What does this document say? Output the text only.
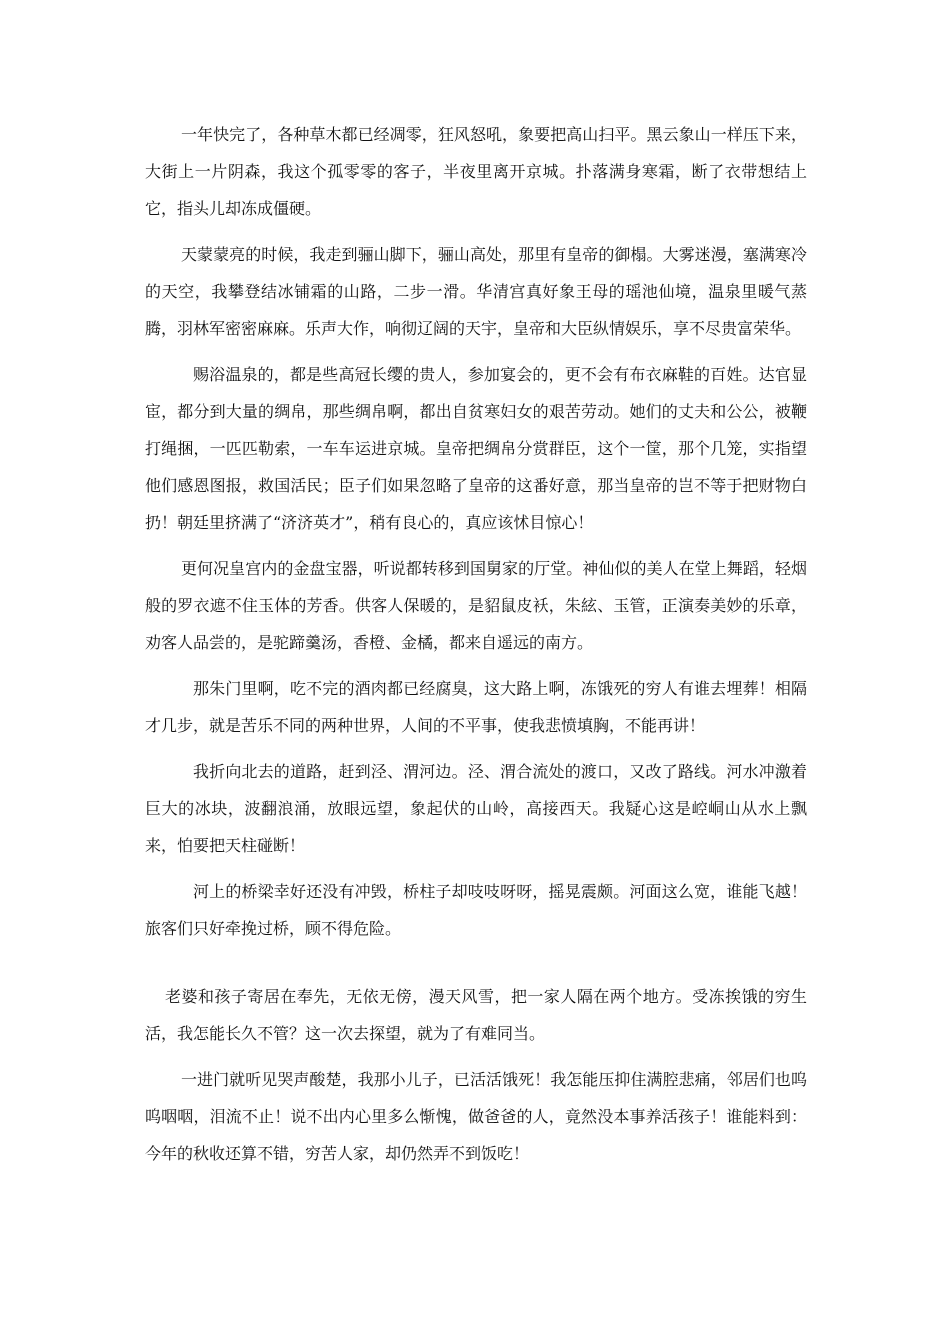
一年快完了，各种草木都已经凋零，狂风怒吼，象要把高山扫平。黑云象山一样压下来，大街上一片阴森，我这个孤零零的客子，半夜里离开京城。扑落满身寒霜，断了衣带想结上它，指头儿却冻成僵硬。

天蒙蒙亮的时候，我走到骊山脚下，骊山高处，那里有皇帝的御榻。大雾迷漫，塞满寒冷的天空，我攀登结冰铺霜的山路，二步一滑。华清宫真好象王母的瑶池仙境，温泉里暖气蒸腾，羽林军密密麻麻。乐声大作，响彻辽阔的天宇，皇帝和大臣纵情娱乐，享不尽贵富荣华。

赐浴温泉的，都是些高冠长缨的贵人，参加宴会的，更不会有布衣麻鞋的百姓。达官显宦，都分到大量的绸帛，那些绸帛啊，都出自贫寒妇女的艰苦劳动。她们的丈夫和公公，被鞭打绳捆，一匹匹勒索，一车车运进京城。皇帝把绸帛分赏群臣，这个一筐，那个几笼，实指望他们感恩图报，救国活民；臣子们如果忽略了皇帝的这番好意，那当皇帝的岂不等于把财物白扔！朝廷里挤满了“济济英才”，稍有良心的，真应该怵目惊心！

更何况皇宫内的金盘宝器，听说都转移到国舅家的厅堂。神仙似的美人在堂上舞蹈，轻烟般的罗衣遮不住玉体的芳香。供客人保暖的，是貂鼠皮袄，朱絃、玉管，正演奏美妙的乐章，劝客人品尝的，是驼蹄羹汤，香橙、金橘，都来自遥远的南方。

那朱门里啊，吃不完的酒肉都已经腐臭，这大路上啊，冻饿死的穷人有谁去埋葬！相隔才几步，就是苦乐不同的两种世界，人间的不平事，使我悲愤填胸，不能再讲！

我折向北去的道路，赶到泾、渭河边。泾、渭合流处的渡口，又改了路线。河水冲激着巨大的冰块，波翻浪涌，放眼远望，象起伏的山岭，高接西天。我疑心这是崆峒山从水上飘来，怕要把天柱碰断！

河上的桥梁幸好还没有冲毁，桥柱子却吱吱呀呀，摇晃震颇。河面这么宽，谁能飞越！旅客们只好牵挽过桥，顾不得危险。

老婆和孩子寄居在奉先，无依无傍，漫天风雪，把一家人隔在两个地方。受冻挨饿的穷生活，我怎能长久不管？这一次去探望，就为了有难同当。

一进门就听见哭声酸楚，我那小儿子，已活活饿死！我怎能压抑住满腔悲痛，邻居们也呜呜咽咽，泪流不止！说不出内心里多么惭愧，做爸爸的人，竟然没本事养活孩子！谁能料到：今年的秋收还算不错，穷苦人家，却仍然弄不到饭吃！
